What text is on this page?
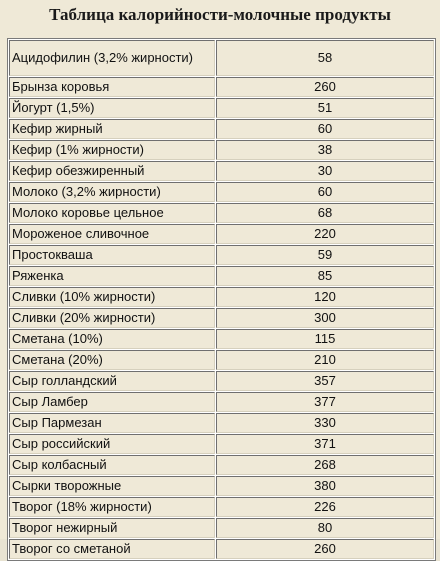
Таблица калорийности-молочные продукты
Ацидофилин (3,2% жирности)	58
Брынза коровья	260
Йогурт (1,5%)	51
Кефир жирный	60
Кефир (1% жирности)	38
Кефир обезжиренный	30
Молоко (3,2% жирности)	60
Молоко коровье цельное	68
Мороженое сливочное	220
Простокваша	59
Ряженка	85
Сливки (10% жирности)	120
Сливки (20% жирности)	300
Сметана (10%)	115
Сметана (20%)	210
Сыр голландский	357
Сыр Ламбер	377
Сыр Пармезан	330
Сыр российский	371
Сыр колбасный	268
Сырки творожные	380
Творог (18% жирности)	226
Творог нежирный	80
Творог со сметаной	260
